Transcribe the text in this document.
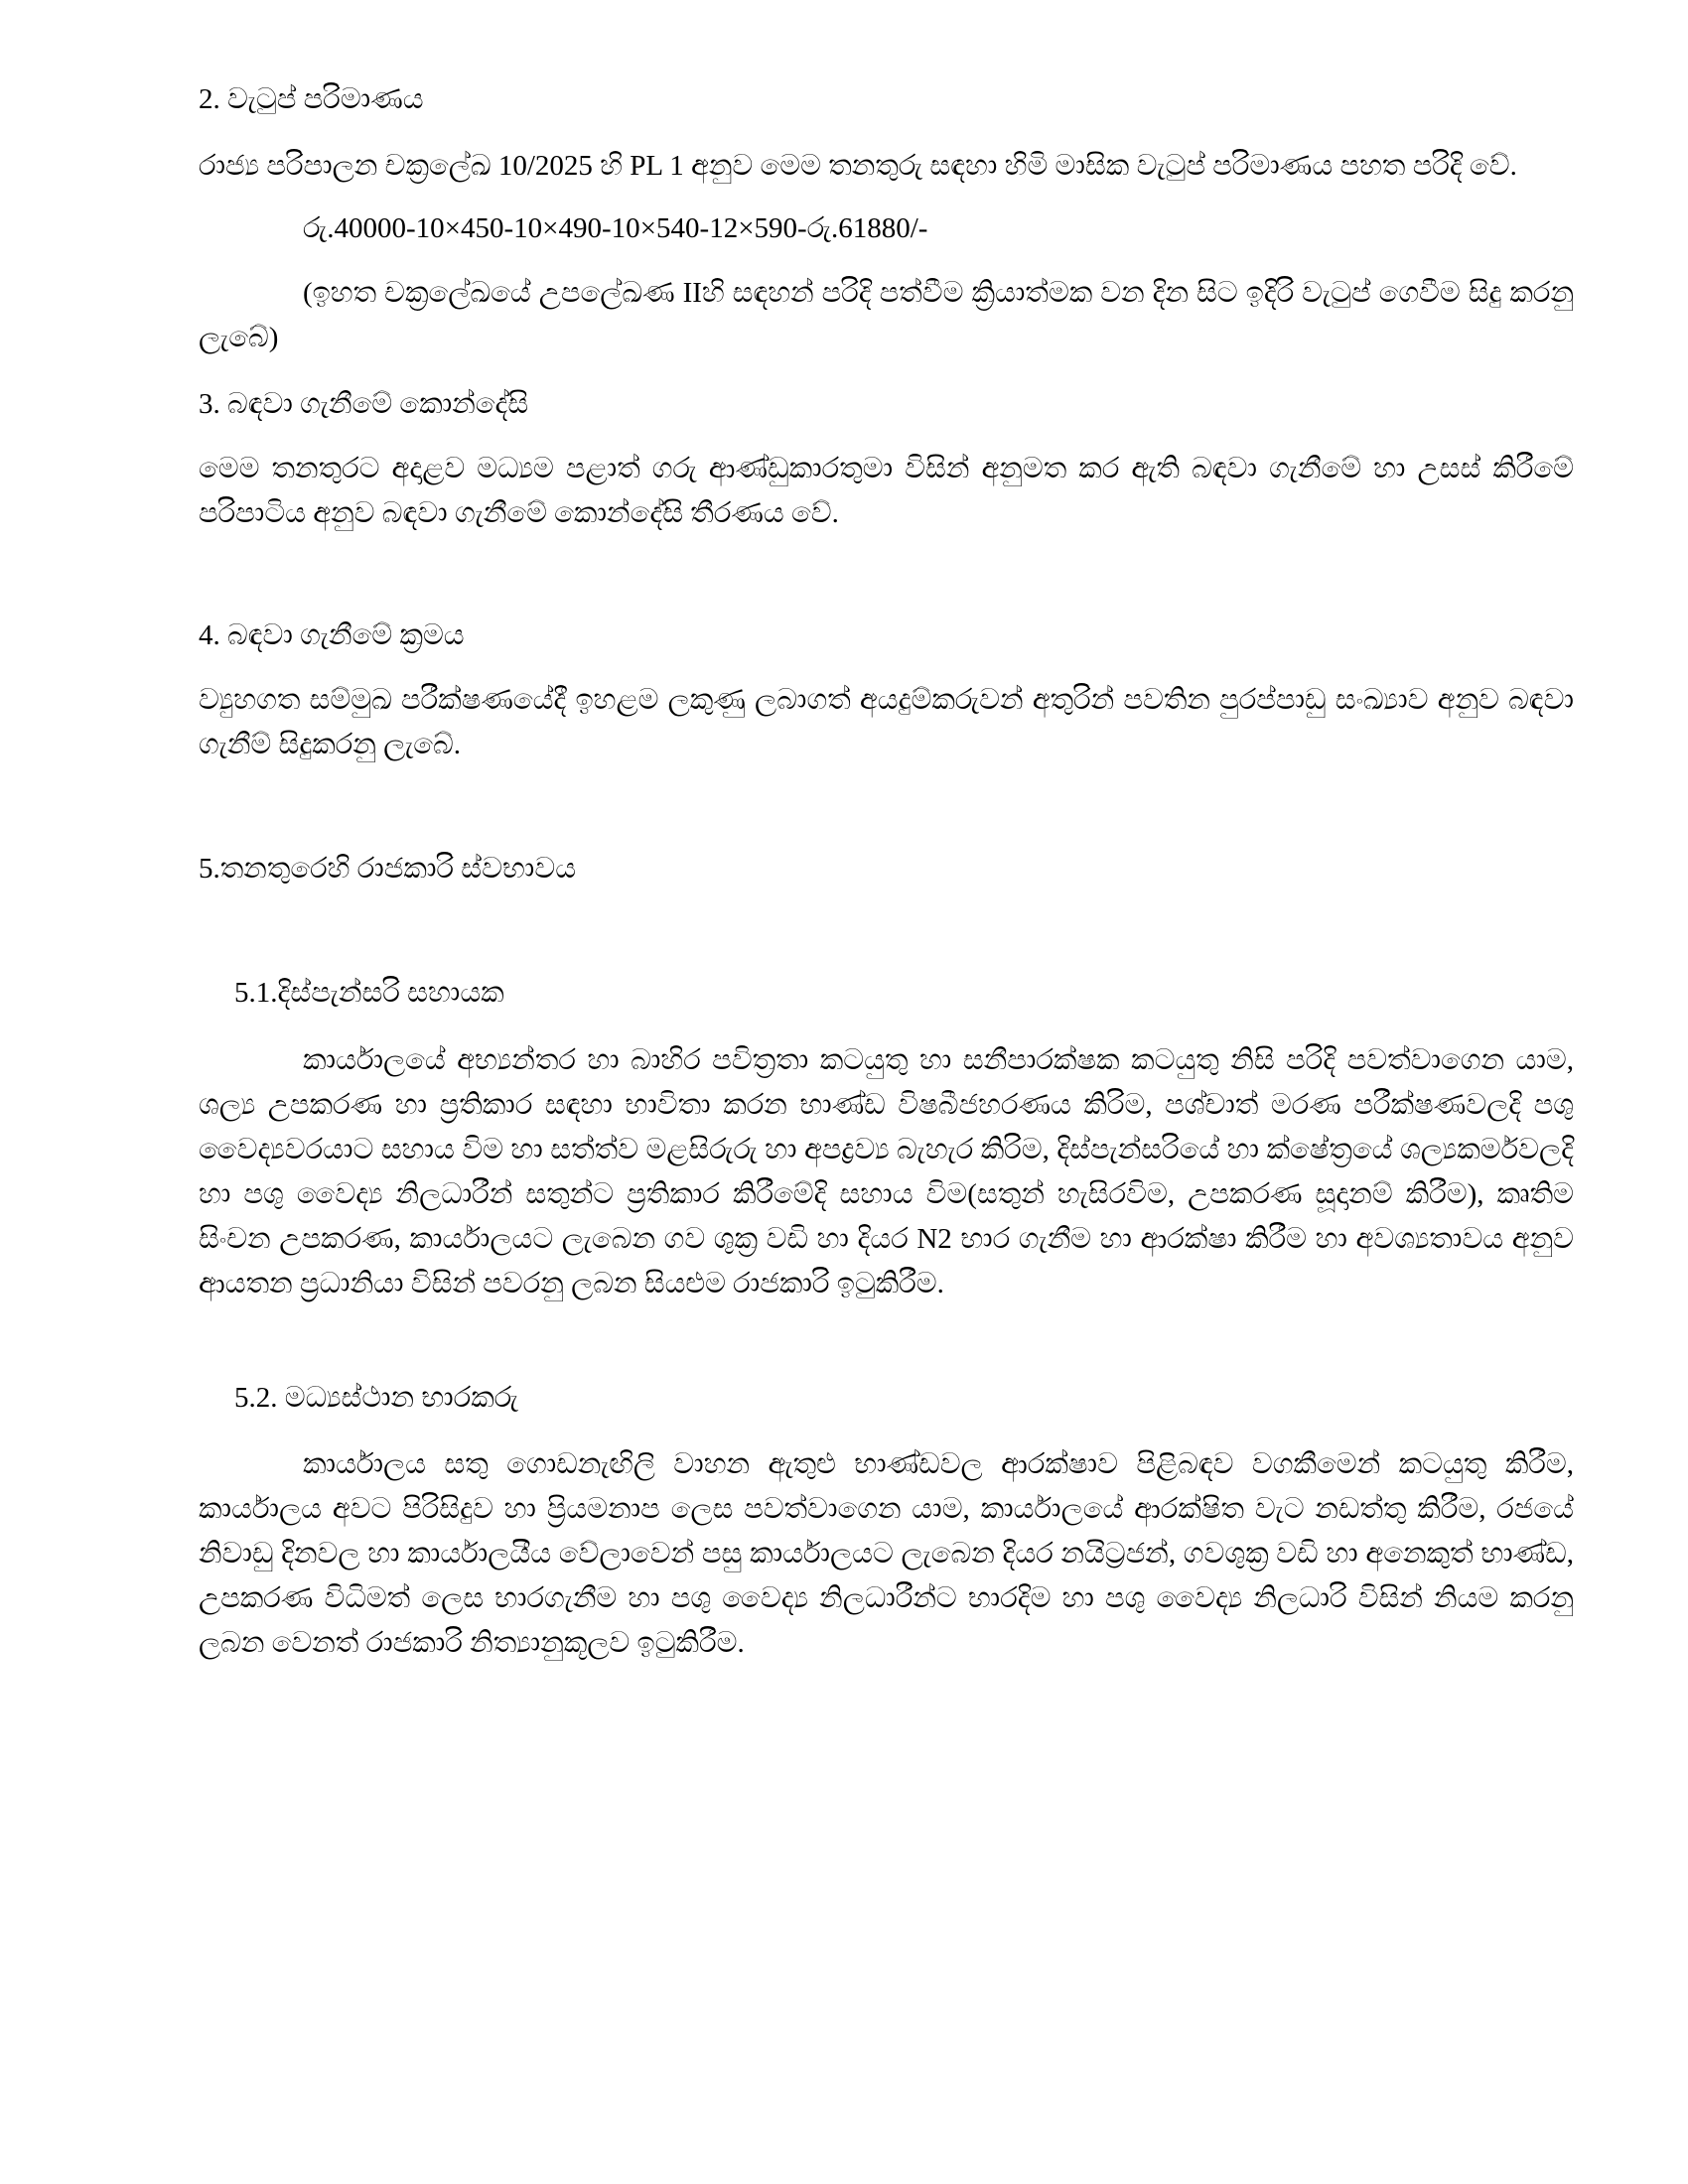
2. වැටුප් පරිමාණය
රාජ්‍ය පරිපාලන චක්‍රලේඛ 10/2025 හි PL 1 අනුව මෙම තනතුරු සඳහා හිමි මාසික වැටුප් පරිමාණය පහත පරිදි වේ.
රු.40000-10×450-10×490-10×540-12×590-රු.61880/-
(ඉහත චක්‍රලේඛයේ උපලේඛණ IIහි සඳහන් පරිදි පත්වීම ක්‍රියාත්මක වන දින සිට ඉදිරි වැටුප් ගෙවීම සිදු කරනු ලැබේ)
3. බඳවා ගැනීමේ කොන්දේසි
මෙම තනතුරට අදාළව මධ්‍යම පළාත් ගරු ආණ්ඩුකාරතුමා විසින් අනුමත කර ඇති බඳවා ගැනීමේ හා උසස් කිරීමේ පරිපාටිය අනුව බඳවා ගැනීමේ කොන්දේසි තීරණය වේ.
4. බඳවා ගැනීමේ ක්‍රමය
ව්‍යුහගත සම්මුඛ පරීක්ෂණයේදී ඉහළම ලකුණු ලබාගත් අයදුම්කරුවන් අතුරින් පවතින පුරප්පාඩු සංඛ්‍යාව අනුව බඳවා ගැනීම් සිදුකරනු ලැබේ.
5.තනතුරෙහි රාජකාරි ස්වභාවය
5.1.දිස්පැන්සරි සහායක
කාර්යාලයේ අභ්‍යන්තර හා බාහිර පවිත්‍රතා කටයුතු හා සනීපාරක්ෂක කටයුතු නිසි පරිදි පවත්වාගෙන යාම, ශල්‍ය උපකරණ හා ප්‍රතිකාර සඳහා භාවිතා කරන භාණ්ඩ විෂබීජහරණය කිරිම, පශ්චාත් මරණ පරීක්ෂණවලදි පශු වෛද්‍යවරයාට සහාය විම හා සත්ත්ව මළසිරුරු හා අපද්‍රව්‍ය බැහැර කිරිම, දිස්පැන්සරියේ හා ක්ෂේත්‍රයේ ශල්‍යකර්මවලදි හා පශු වෛද්‍ය නිලධාරීන් සතුන්ට ප්‍රතිකාර කිරීමේදි සහාය විම(සතුන් හැසිරවිම, උපකරණ සූදානම් කිරීම), කෘතිම සිංචන උපකරණ, කාර්යාලයට ලැබෙන ගව ශුක්‍ර වඩි හා දියර N2 භාර ගැනීම හා ආරක්ෂා කිරීම හා අවශ්‍යතාවය අනුව ආයතන ප්‍රධානියා විසින් පවරනු ලබන සියළුම රාජකාරි ඉටුකිරීම.
5.2. මධ්‍යස්ථාන භාරකරු
කාර්යාලය සතු ගොඩනැඟිලි වාහන ඇතුළු භාණ්ඩවල ආරක්ෂාව පිළිබඳව වගකීමෙන් කටයුතු කිරීම, කාර්යාලය අවට පිරිසිදුව හා ප්‍රියමනාප ලෙස පවත්වාගෙන යාම, කාර්යාලයේ ආරක්ෂිත වැට නඩත්තු කිරීම, රජයේ නිවාඩු දිනවල හා කාර්යාලයීය වේලාවෙන් පසු කාර්යාලයට ලැබෙන දියර නයිට්‍රජන්, ගවශුක්‍ර වඩි හා අනෙකුත් භාණ්ඩ, උපකරණ විධිමත් ලෙස භාරගැනීම හා පශු වෛද්‍ය නිලධාරීන්ට භාරදිම හා පශු වෛද්‍ය නිලධාරි විසින් නියම කරනු ලබන වෙනත් රාජකාරි නිත්‍යානුකූලව ඉටුකිරීම.
